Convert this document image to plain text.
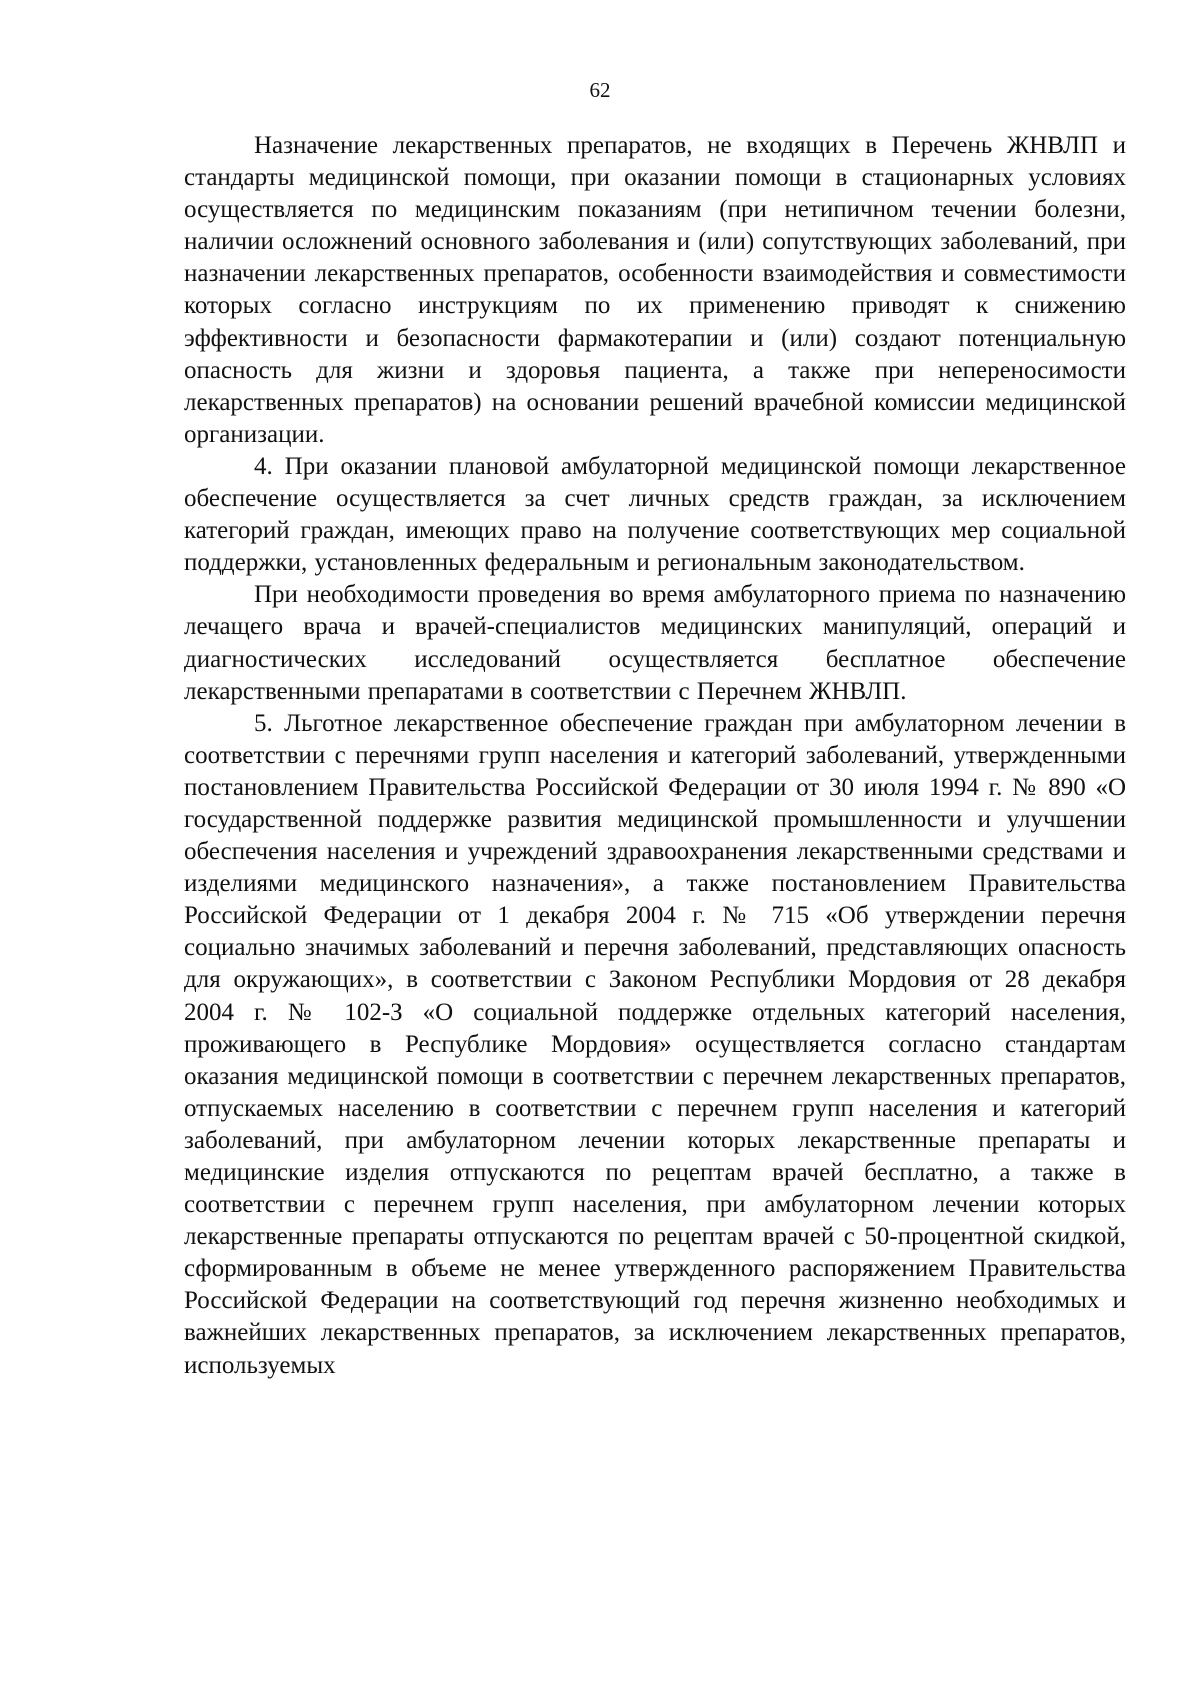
62

Назначение лекарственных препаратов, не входящих в Перечень ЖНВЛП и стандарты медицинской помощи, при оказании помощи в стационарных условиях осуществляется по медицинским показаниям (при нетипичном течении болезни, наличии осложнений основного заболевания и (или) сопутствующих заболеваний, при назначении лекарственных препаратов, особенности взаимодействия и совместимости которых согласно инструкциям по их применению приводят к снижению эффективности и безопасности фармакотерапии и (или) создают потенциальную опасность для жизни и здоровья пациента, а также при непереносимости лекарственных препаратов) на основании решений врачебной комиссии медицинской организации.

4. При оказании плановой амбулаторной медицинской помощи лекарственное обеспечение осуществляется за счет личных средств граждан, за исключением категорий граждан, имеющих право на получение соответствующих мер социальной поддержки, установленных федеральным и региональным законодательством.

При необходимости проведения во время амбулаторного приема по назначению лечащего врача и врачей-специалистов медицинских манипуляций, операций и диагностических исследований осуществляется бесплатное обеспечение лекарственными препаратами в соответствии с Перечнем ЖНВЛП.

5. Льготное лекарственное обеспечение граждан при амбулаторном лечении в соответствии с перечнями групп населения и категорий заболеваний, утвержденными постановлением Правительства Российской Федерации от 30 июля 1994 г. № 890 «О государственной поддержке развития медицинской промышленности и улучшении обеспечения населения и учреждений здравоохранения лекарственными средствами и изделиями медицинского назначения», а также постановлением Правительства Российской Федерации от 1 декабря 2004 г. № 715 «Об утверждении перечня социально значимых заболеваний и перечня заболеваний, представляющих опасность для окружающих», в соответствии с Законом Республики Мордовия от 28 декабря 2004 г. № 102-З «О социальной поддержке отдельных категорий населения, проживающего в Республике Мордовия» осуществляется согласно стандартам оказания медицинской помощи в соответствии с перечнем лекарственных препаратов, отпускаемых населению в соответствии с перечнем групп населения и категорий заболеваний, при амбулаторном лечении которых лекарственные препараты и медицинские изделия отпускаются по рецептам врачей бесплатно, а также в соответствии с перечнем групп населения, при амбулаторном лечении которых лекарственные препараты отпускаются по рецептам врачей с 50-процентной скидкой, сформированным в объеме не менее утвержденного распоряжением Правительства Российской Федерации на соответствующий год перечня жизненно необходимых и важнейших лекарственных препаратов, за исключением лекарственных препаратов, используемых
